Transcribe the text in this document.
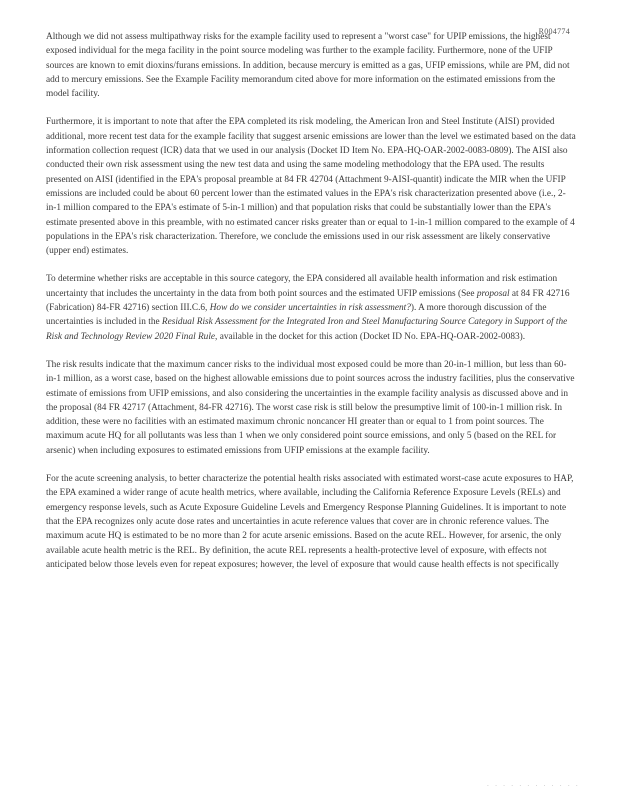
R004774

Although we did not assess multipathway risks for the example facility used to represent a "worst case" for UPIP emissions, the highest exposed individual for the mega facility in the point source modeling was further to the example facility. Furthermore, none of the UFIP sources are known to emit dioxins/furans emissions. In addition, because mercury is emitted as a gas, UFIP emissions, while are PM, did not add to mercury emissions. See the Example Facility memorandum cited above for more information on the estimated emissions from the model facility.

Furthermore, it is important to note that after the EPA completed its risk modeling, the American Iron and Steel Institute (AISI) provided additional, more recent test data for the example facility that suggest arsenic emissions are lower than the level we estimated based on the data information collection request (ICR) data that we used in our analysis (Docket ID Item No. EPA-HQ-OAR-2002-0083-0809). The AISI also conducted their own risk assessment using the new test data and using the same modeling methodology that the EPA used. The results presented on AISI (identified in the EPA's proposal preamble at 84 FR 42704 (Attachment 9-AISI-quantit) indicate the MIR when the UFIP emissions are included could be about 60 percent lower than the estimated values in the EPA's risk characterization presented above (i.e., 2-in-1 million compared to the EPA's estimate of 5-in-1 million) and that population risks that could be substantially lower than the EPA's estimate presented above in this preamble, with no estimated cancer risks greater than or equal to 1-in-1 million compared to the example of 4 populations in the EPA's risk characterization. Therefore, we conclude the emissions used in our risk assessment are likely conservative (upper end) estimates.

To determine whether risks are acceptable in this source category, the EPA considered all available health information and risk estimation uncertainty that includes the uncertainty in the data from both point sources and the estimated UFIP emissions (See proposal at 84 FR 42716 (Fabrication) 84-FR 42716) section III.C.6, How do we consider uncertainties in risk assessment?). A more thorough discussion of the uncertainties is included in the Residual Risk Assessment for the Integrated Iron and Steel Manufacturing Source Category in Support of the Risk and Technology Review 2020 Final Rule, available in the docket for this action (Docket ID No. EPA-HQ-OAR-2002-0083).

The risk results indicate that the maximum cancer risks to the individual most exposed could be more than 20-in-1 million, but less than 60-in-1 million, as a worst case, based on the highest allowable emissions due to point sources across the industry facilities, plus the conservative estimate of emissions from UFIP emissions, and also considering the uncertainties in the example facility analysis as discussed above and in the proposal (84 FR 42717 (Attachment, 84-FR 42716). The worst case risk is still below the presumptive limit of 100-in-1 million risk. In addition, these were no facilities with an estimated maximum chronic noncancer HI greater than or equal to 1 from point sources. The maximum acute HQ for all pollutants was less than 1 when we only considered point source emissions, and only 5 (based on the REL for arsenic) when including exposures to estimated emissions from UFIP emissions at the example facility.

For the acute screening analysis, to better characterize the potential health risks associated with estimated worst-case acute exposures to HAP, the EPA examined a wider range of acute health metrics, where available, including the California Reference Exposure Levels (RELs) and emergency response levels, such as Acute Exposure Guideline Levels and Emergency Response Planning Guidelines. It is important to note that the EPA recognizes only acute dose rates and uncertainties in acute reference values that cover are in chronic reference values. The maximum acute HQ is estimated to be no more than 2 for acute arsenic emissions. Based on the acute REL. However, for arsenic, the only available acute health metric is the REL. By definition, the acute REL represents a health-protective level of exposure, with effects not anticipated below those levels even for repeat exposures; however, the level of exposure that would cause health effects is not specifically

· · · · · · · · · · · ·
